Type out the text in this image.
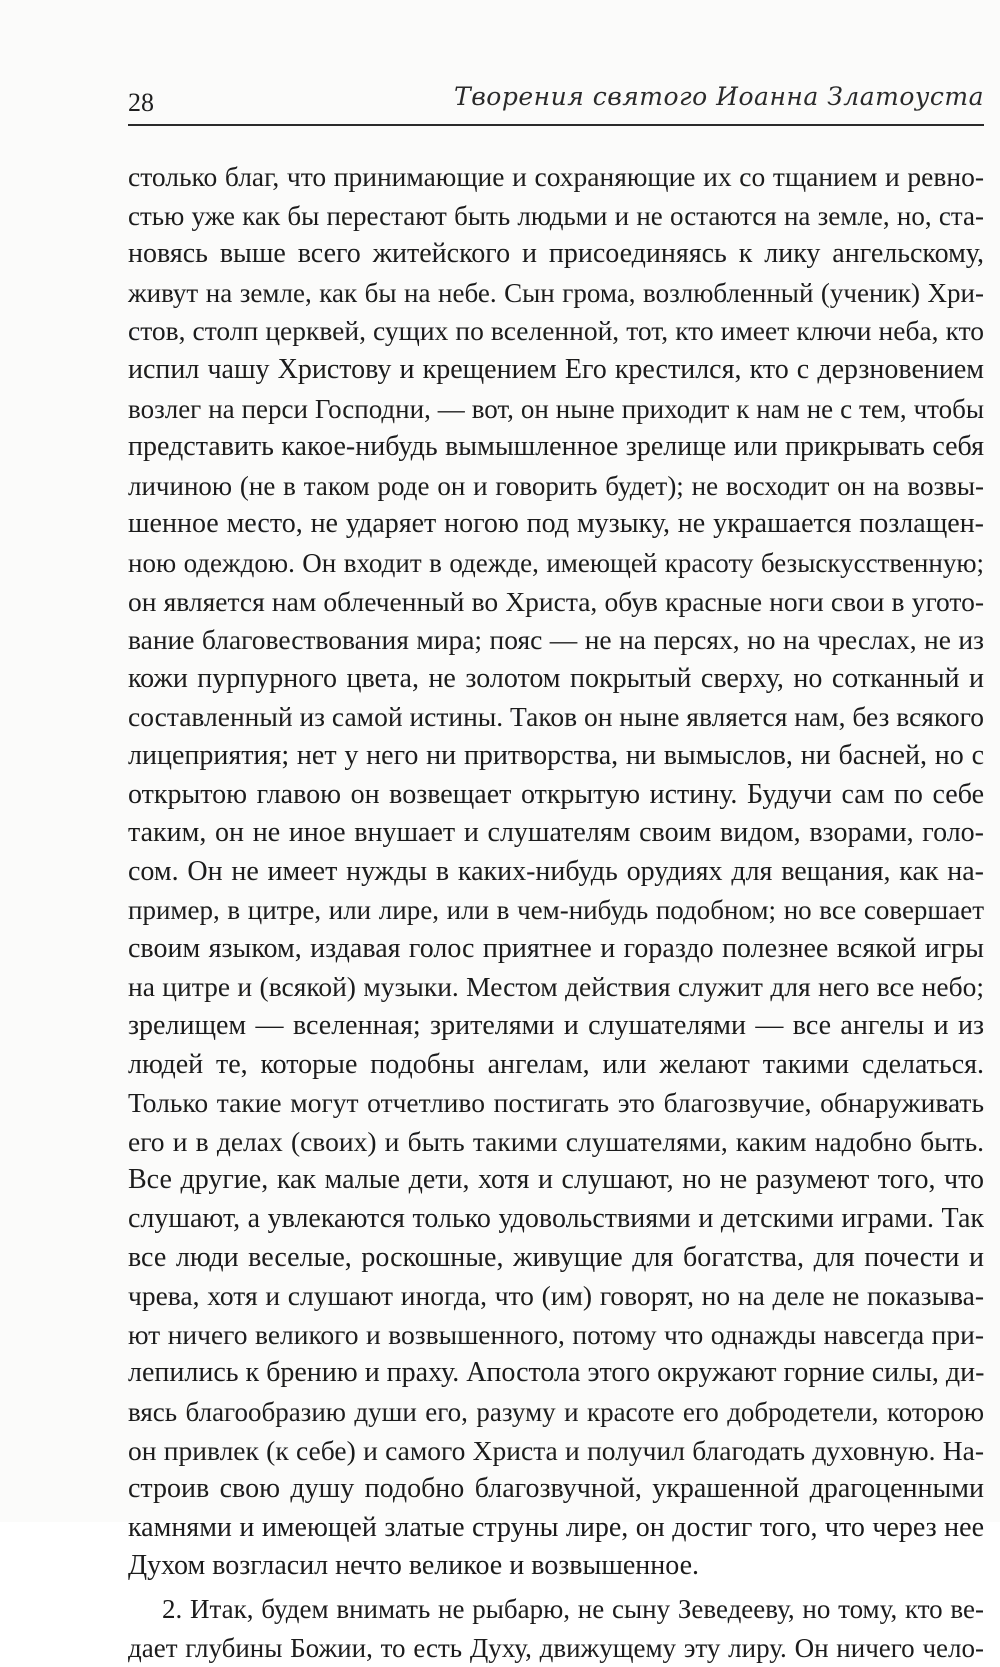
28	Творения святого Иоанна Златоуста
столько благ, что принимающие и сохраняющие их со тщанием и ревно-
стью уже как бы перестают быть людьми и не остаются на земле, но, ста-
новясь выше всего житейского и присоединяясь к лику ангельскому,
живут на земле, как бы на небе. Сын грома, возлюбленный (ученик) Хри-
стов, столп церквей, сущих по вселенной, тот, кто имеет ключи неба, кто
испил чашу Христову и крещением Его крестился, кто с дерзновением
возлег на перси Господни, — вот, он ныне приходит к нам не с тем, чтобы
представить какое-нибудь вымышленное зрелище или прикрывать себя
личиною (не в таком роде он и говорить будет); не восходит он на возвы-
шенное место, не ударяет ногою под музыку, не украшается позлащен-
ною одеждою. Он входит в одежде, имеющей красоту безыскусственную;
он является нам облеченный во Христа, обув красные ноги свои в угото-
вание благовествования мира; пояс — не на персях, но на чреслах, не из
кожи пурпурного цвета, не золотом покрытый сверху, но сотканный и
составленный из самой истины. Таков он ныне является нам, без всякого
лицеприятия; нет у него ни притворства, ни вымыслов, ни басней, но с
открытою главою он возвещает открытую истину. Будучи сам по себе
таким, он не иное внушает и слушателям своим видом, взорами, голо-
сом. Он не имеет нужды в каких-нибудь орудиях для вещания, как на-
пример, в цитре, или лире, или в чем-нибудь подобном; но все совершает
своим языком, издавая голос приятнее и гораздо полезнее всякой игры
на цитре и (всякой) музыки. Местом действия служит для него все небо;
зрелищем — вселенная; зрителями и слушателями — все ангелы и из
людей те, которые подобны ангелам, или желают такими сделаться.
Только такие могут отчетливо постигать это благозвучие, обнаруживать
его и в делах (своих) и быть такими слушателями, каким надобно быть.
Все другие, как малые дети, хотя и слушают, но не разумеют того, что
слушают, а увлекаются только удовольствиями и детскими играми. Так
все люди веселые, роскошные, живущие для богатства, для почести и
чрева, хотя и слушают иногда, что (им) говорят, но на деле не показыва-
ют ничего великого и возвышенного, потому что однажды навсегда при-
лепились к брению и праху. Апостола этого окружают горние силы, ди-
вясь благообразию души его, разуму и красоте его добродетели, которою
он привлек (к себе) и самого Христа и получил благодать духовную. На-
строив свою душу подобно благозвучной, украшенной драгоценными
камнями и имеющей златые струны лире, он достиг того, что через нее
Духом возгласил нечто великое и возвышенное.
2. Итак, будем внимать не рыбарю, не сыну Зеведееву, но тому, кто ве-
дает глубины Божии, то есть Духу, движущему эту лиру. Он ничего чело-
